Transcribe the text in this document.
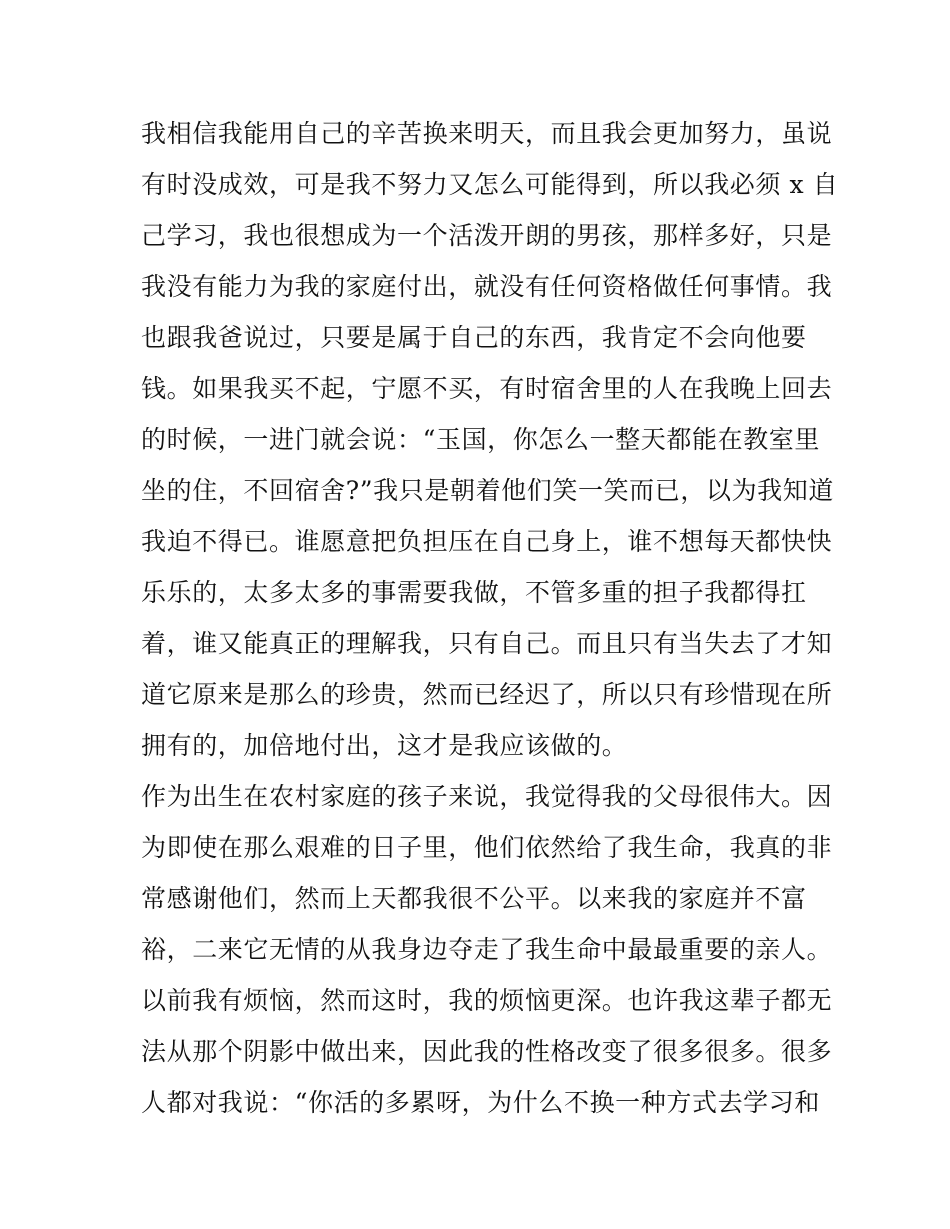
我相信我能用自己的辛苦换来明天，而且我会更加努力，虽说
有时没成效，可是我不努力又怎么可能得到，所以我必须 x 自
己学习，我也很想成为一个活泼开朗的男孩，那样多好，只是
我没有能力为我的家庭付出，就没有任何资格做任何事情。我
也跟我爸说过，只要是属于自己的东西，我肯定不会向他要
钱。如果我买不起，宁愿不买，有时宿舍里的人在我晚上回去
的时候，一进门就会说：“玉国，你怎么一整天都能在教室里
坐的住，不回宿舍?”我只是朝着他们笑一笑而已，以为我知道
我迫不得已。谁愿意把负担压在自己身上，谁不想每天都快快
乐乐的，太多太多的事需要我做，不管多重的担子我都得扛
着，谁又能真正的理解我，只有自己。而且只有当失去了才知
道它原来是那么的珍贵，然而已经迟了，所以只有珍惜现在所
拥有的，加倍地付出，这才是我应该做的。
作为出生在农村家庭的孩子来说，我觉得我的父母很伟大。因
为即使在那么艰难的日子里，他们依然给了我生命，我真的非
常感谢他们，然而上天都我很不公平。以来我的家庭并不富
裕，二来它无情的从我身边夺走了我生命中最最重要的亲人。
以前我有烦恼，然而这时，我的烦恼更深。也许我这辈子都无
法从那个阴影中做出来，因此我的性格改变了很多很多。很多
人都对我说：“你活的多累呀，为什么不换一种方式去学习和
